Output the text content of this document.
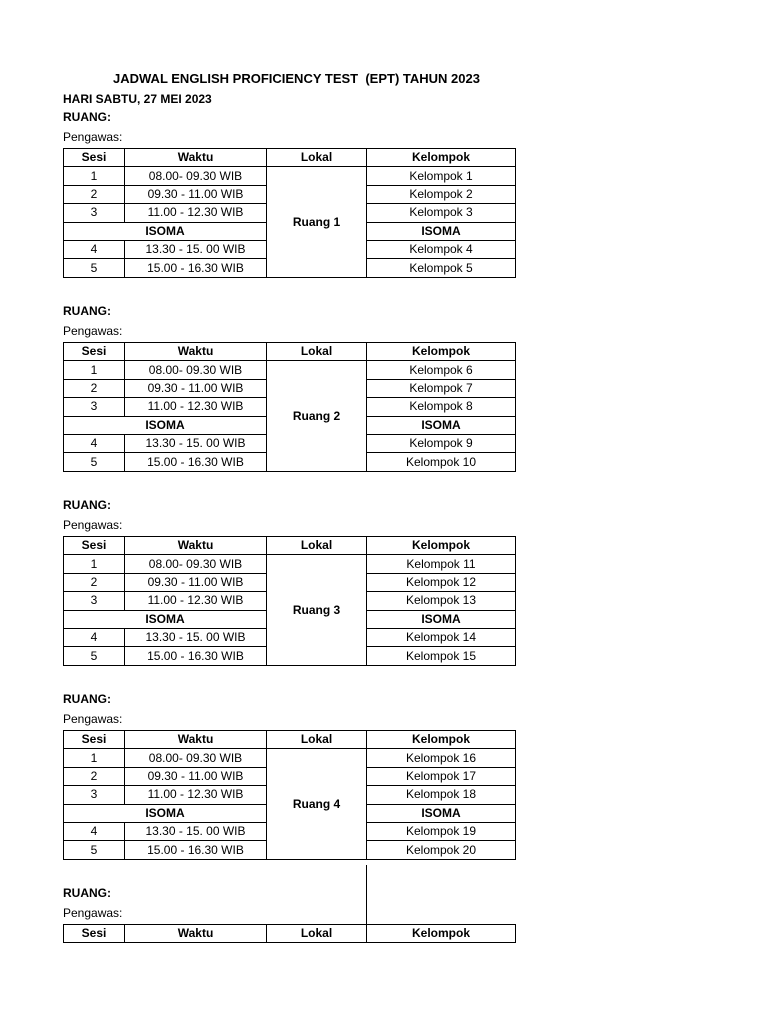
JADWAL ENGLISH PROFICIENCY TEST  (EPT) TAHUN 2023
HARI SABTU, 27 MEI 2023
RUANG:
Pengawas:
Sesi	Waktu	Lokal	Kelompok
1	08.00- 09.30 WIB	Ruang 1	Kelompok 1
2	09.30 - 11.00 WIB		Kelompok 2
3	11.00 - 12.30 WIB		Kelompok 3
ISOMA			ISOMA
4	13.30 - 15. 00 WIB		Kelompok 4
5	15.00 - 16.30 WIB		Kelompok 5
RUANG:
Pengawas:
Sesi	Waktu	Lokal	Kelompok
1	08.00- 09.30 WIB	Ruang 2	Kelompok 6
2	09.30 - 11.00 WIB		Kelompok 7
3	11.00 - 12.30 WIB		Kelompok 8
ISOMA			ISOMA
4	13.30 - 15. 00 WIB		Kelompok 9
5	15.00 - 16.30 WIB		Kelompok 10
RUANG:
Pengawas:
Sesi	Waktu	Lokal	Kelompok
1	08.00- 09.30 WIB	Ruang 3	Kelompok 11
2	09.30 - 11.00 WIB		Kelompok 12
3	11.00 - 12.30 WIB		Kelompok 13
ISOMA			ISOMA
4	13.30 - 15. 00 WIB		Kelompok 14
5	15.00 - 16.30 WIB		Kelompok 15
RUANG:
Pengawas:
Sesi	Waktu	Lokal	Kelompok
1	08.00- 09.30 WIB	Ruang 4	Kelompok 16
2	09.30 - 11.00 WIB		Kelompok 17
3	11.00 - 12.30 WIB		Kelompok 18
ISOMA			ISOMA
4	13.30 - 15. 00 WIB		Kelompok 19
5	15.00 - 16.30 WIB		Kelompok 20
RUANG:
Pengawas:
Sesi	Waktu	Lokal	Kelompok
